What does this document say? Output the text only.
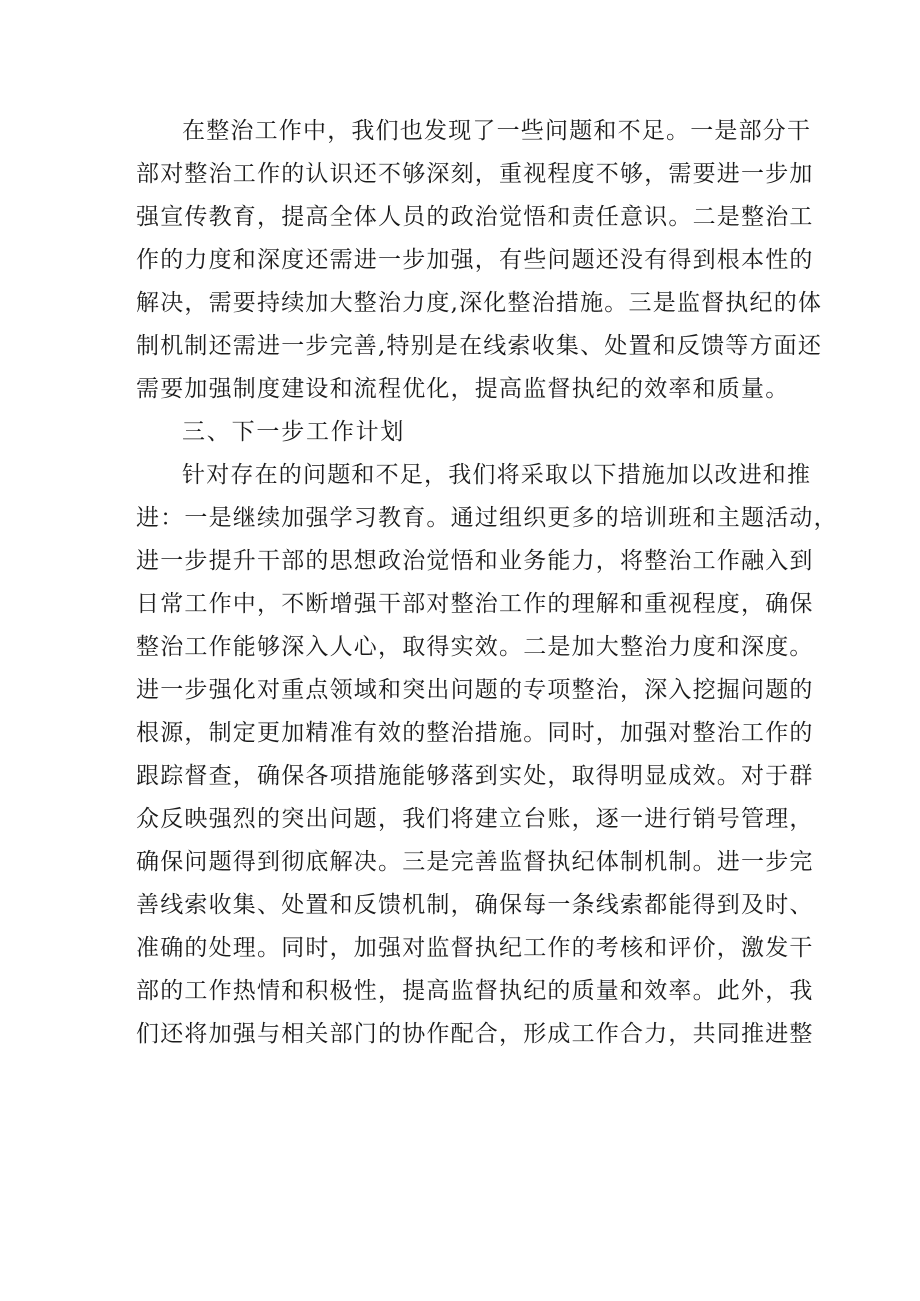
在整治工作中，我们也发现了一些问题和不足。一是部分干
部对整治工作的认识还不够深刻，重视程度不够，需要进一步加
强宣传教育，提高全体人员的政治觉悟和责任意识。二是整治工
作的力度和深度还需进一步加强，有些问题还没有得到根本性的
解决，需要持续加大整治力度,深化整治措施。三是监督执纪的体
制机制还需进一步完善,特别是在线索收集、处置和反馈等方面还
需要加强制度建设和流程优化，提高监督执纪的效率和质量。
三、下一步工作计划
针对存在的问题和不足，我们将采取以下措施加以改进和推
进：一是继续加强学习教育。通过组织更多的培训班和主题活动，
进一步提升干部的思想政治觉悟和业务能力，将整治工作融入到
日常工作中，不断增强干部对整治工作的理解和重视程度，确保
整治工作能够深入人心，取得实效。二是加大整治力度和深度。
进一步强化对重点领域和突出问题的专项整治，深入挖掘问题的
根源，制定更加精准有效的整治措施。同时，加强对整治工作的
跟踪督查，确保各项措施能够落到实处，取得明显成效。对于群
众反映强烈的突出问题，我们将建立台账，逐一进行销号管理，
确保问题得到彻底解决。三是完善监督执纪体制机制。进一步完
善线索收集、处置和反馈机制，确保每一条线索都能得到及时、
准确的处理。同时，加强对监督执纪工作的考核和评价，激发干
部的工作热情和积极性，提高监督执纪的质量和效率。此外，我
们还将加强与相关部门的协作配合，形成工作合力，共同推进整
